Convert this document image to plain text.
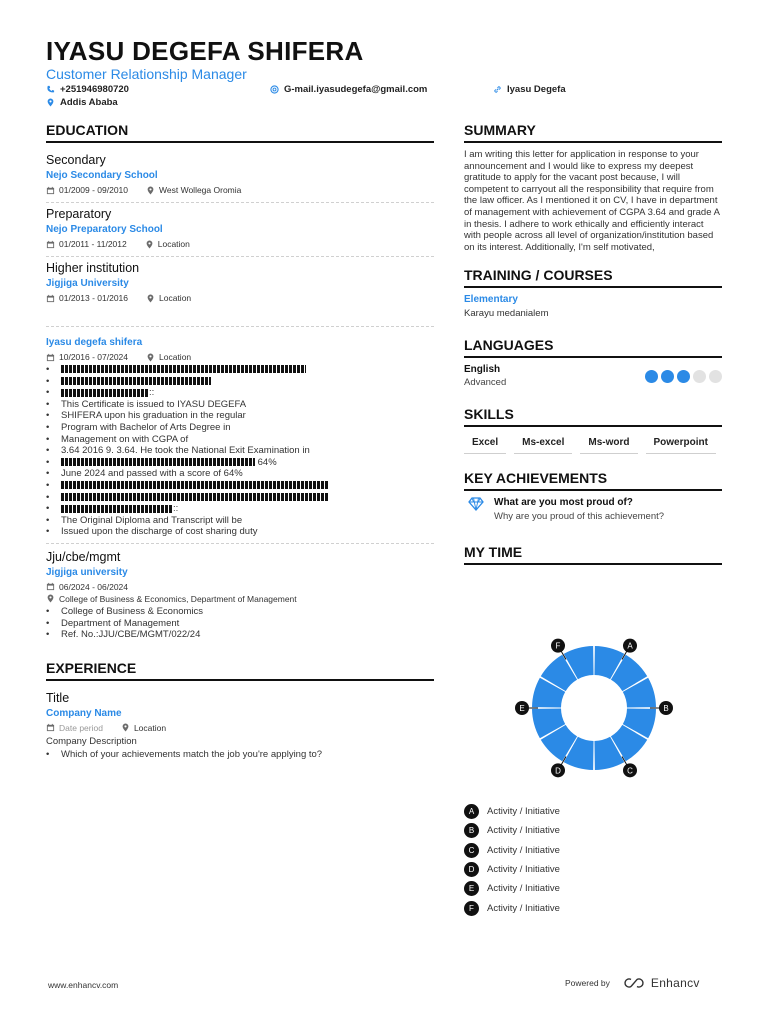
IYASU DEGEFA SHIFERA
Customer Relationship Manager
+251946980720	G-mail.iyasudegefa@gmail.com	Iyasu Degefa
Addis Ababa
EDUCATION
Secondary
Nejo Secondary School
01/2009 - 09/2010	West Wollega Oromia
Preparatory
Nejo Preparatory School
01/2011 - 11/2012	Location
Higher institution
Jigjiga University
01/2013 - 01/2016	Location
Iyasu degefa shifera
10/2016 - 07/2024	Location
•
•
• ::
• This Certificate is issued to IYASU DEGEFA
• SHIFERA upon his graduation in the regular
• Program with Bachelor of Arts Degree in
• Management on with CGPA of
• 3.64 2016 9. 3.64. He took the National Exit Examination in
• 64%
• June 2024 and passed with a score of 64%
•
•
• ::
• The Original Diploma and Transcript will be
• Issued upon the discharge of cost sharing duty
Jju/cbe/mgmt
Jigjiga university
06/2024 - 06/2024
College of Business & Economics, Department of Management
• College of Business & Economics
• Department of Management
• Ref. No.:JJU/CBE/MGMT/022/24
EXPERIENCE
Title
Company Name
Date period	Location
Company Description
• Which of your achievements match the job you're applying to?
SUMMARY
I am writing this letter for application in response to your announcement and I would like to express my deepest gratitude to apply for the vacant post because, I will competent to carryout all the responsibility that require from the law officer. As I mentioned it on CV, I have in department of management with achievement of CGPA 3.64 and grade A in thesis. I adhere to work ethically and efficiently interact with people across all level of organization/institution based on its interest. Additionally, I'm self motivated,
TRAINING / COURSES
Elementary
Karayu medanialem
LANGUAGES
English
Advanced
SKILLS
Excel	Ms-excel	Ms-word	Powerpoint
KEY ACHIEVEMENTS
What are you most proud of?
Why are you proud of this achievement?
MY TIME
A
B
C
D
E
F
A	Activity / Initiative
B	Activity / Initiative
C	Activity / Initiative
D	Activity / Initiative
E	Activity / Initiative
F	Activity / Initiative
www.enhancv.com	Powered by	Enhancv
